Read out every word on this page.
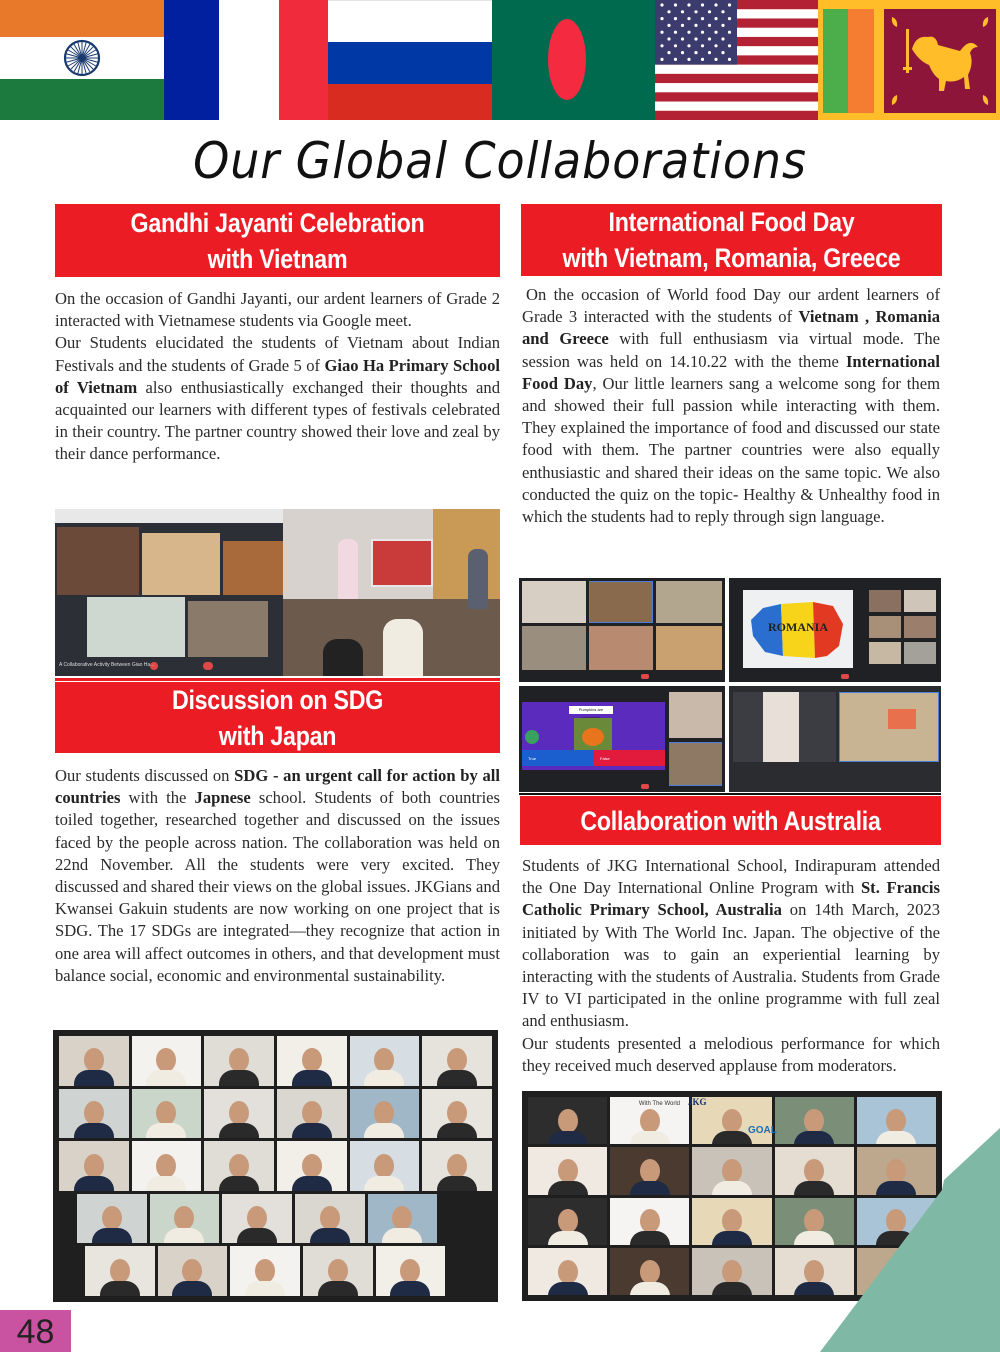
Our Global Collaborations
Gandhi Jayanti Celebration
with Vietnam

On the occasion of Gandhi Jayanti, our ardent learners of Grade 2 interacted with Vietnamese students via Google meet.

Our Students elucidated the students of Vietnam about Indian Festivals and the students of Grade 5 of Giao Ha Primary School of Vietnam also enthusiastically exchanged their thoughts and acquainted our learners with different types of festivals celebrated in their country. The partner country showed their love and zeal by their dance performance.

A Collaborative Activity Between Giao Ha...
International Food Day
with Vietnam, Romania, Greece

On the occasion of World food Day our ardent learners of Grade 3 interacted with the students of Vietnam , Romania and Greece with full enthusiasm via virtual mode. The session was held on 14.10.22 with the theme International Food Day, Our little learners sang a welcome song for them and showed their full passion while interacting with them. They explained the importance of food and discussed our state food with them. The partner countries were also equally enthusiastic and shared their ideas on the same topic. We also conducted the quiz on the topic- Healthy & Unhealthy food in which the students had to reply through sign language.

ROMANIA
Pumpkins are
True	False
Discussion on SDG
with Japan

Our students discussed on SDG - an urgent call for action by all countries with the Japnese school. Students of both countries toiled together, researched together and discussed on the issues faced by the people across nation. The collaboration was held on 22nd November. All the students were very excited. They discussed and shared their views on the global issues. JKGians and Kwansei Gakuin students are now working on one project that is SDG. The 17 SDGs are integrated—they recognize that action in one area will affect outcomes in others, and that development must balance social, economic and environmental sustainability.

Collaboration with Australia

Students of JKG International School, Indirapuram attended the One Day International Online Program with St. Francis Catholic Primary School, Australia on 14th March, 2023 initiated by With The World Inc. Japan. The objective of the collaboration was to gain an experiential learning by interacting with the students of Australia. Students from Grade IV to VI participated in the online programme with full zeal and enthusiasm.

Our students presented a melodious performance for which they received much deserved applause from moderators.

With The World JKG
GOAL
48
